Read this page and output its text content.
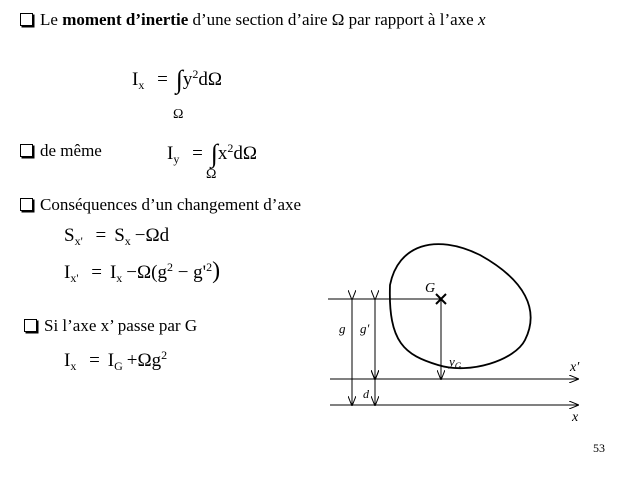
Le moment d’inertie d’une section d’aire Ω par rapport à l’axe x
$I_x = \int y^2d\Omega$
Ω
de même	$I_y = \int x^2d\Omega$
Ω
Conséquences d’un changement d’axe
$S_{x'} = S_x -\Omega d$
$I_{x'} = I_x -\Omega(g^2 - g'^2)$
Si l’axe x’ passe par G
$I_x = I_G +\Omega g^2$
G
g g′
$y_G$
d
x′
x
53
